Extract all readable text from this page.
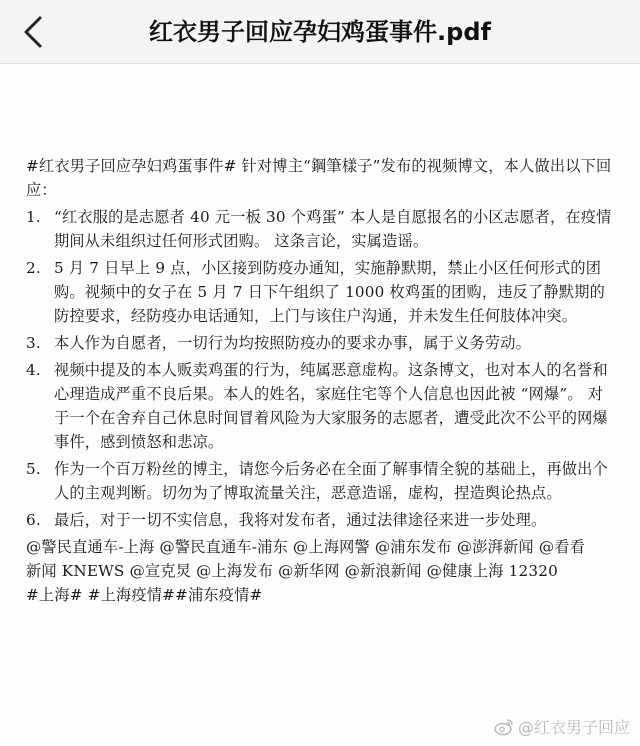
红衣男子回应孕妇鸡蛋事件.pdf

#红衣男子回应孕妇鸡蛋事件# 针对博主“鋼筆樣子”发布的视频博文，本人做出以下回应：

1. “红衣服的是志愿者 40 元一板 30 个鸡蛋” 本人是自愿报名的小区志愿者，在疫情期间从未组织过任何形式团购。 这条言论，实属造谣。
2. 5 月 7 日早上 9 点，小区接到防疫办通知，实施静默期，禁止小区任何形式的团购。视频中的女子在 5 月 7 日下午组织了 1000 枚鸡蛋的团购，违反了静默期的防控要求，经防疫办电话通知，上门与该住户沟通，并未发生任何肢体冲突。
3. 本人作为自愿者，一切行为均按照防疫办的要求办事，属于义务劳动。
4. 视频中提及的本人贩卖鸡蛋的行为，纯属恶意虚构。这条博文，也对本人的名誉和心理造成严重不良后果。本人的姓名，家庭住宅等个人信息也因此被 “网爆”。 对于一个在舍弃自己休息时间冒着风险为大家服务的志愿者，遭受此次不公平的网爆事件，感到愤怒和悲凉。
5. 作为一个百万粉丝的博主，请您今后务必在全面了解事情全貌的基础上，再做出个人的主观判断。切勿为了博取流量关注，恶意造谣，虚构，捏造舆论热点。
6. 最后，对于一切不实信息，我将对发布者，通过法律途径来进一步处理。

@警民直通车-上海 @警民直通车-浦东 @上海网警 @浦东发布 @澎湃新闻 @看看

新闻 KNEWS @宣克炅 @上海发布 @新华网 @新浪新闻 @健康上海 12320

#上海# #上海疫情##浦东疫情#

@红衣男子回应
